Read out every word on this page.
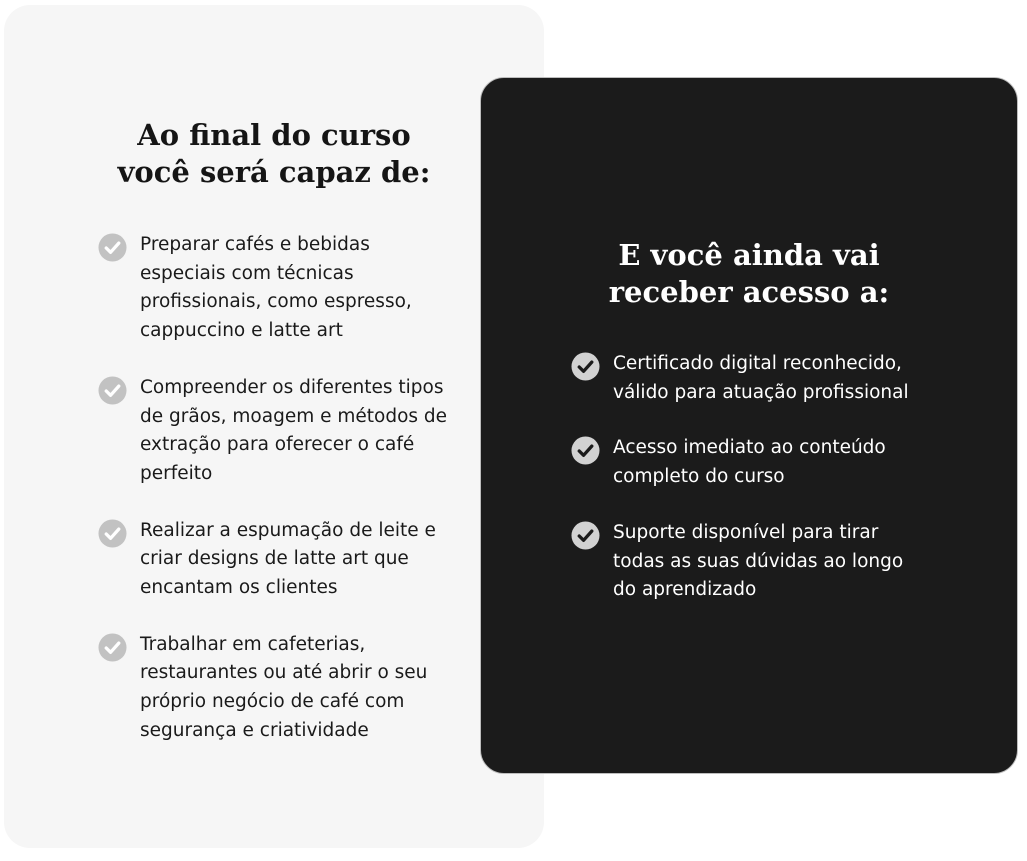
Ao final do curso você será capaz de:
Preparar cafés e bebidas especiais com técnicas profissionais, como espresso, cappuccino e latte art
Compreender os diferentes tipos de grãos, moagem e métodos de extração para oferecer o café perfeito
Realizar a espumação de leite e criar designs de latte art que encantam os clientes
Trabalhar em cafeterias, restaurantes ou até abrir o seu próprio negócio de café com segurança e criatividade
E você ainda vai receber acesso a:
Certificado digital reconhecido, válido para atuação profissional
Acesso imediato ao conteúdo completo do curso
Suporte disponível para tirar todas as suas dúvidas ao longo do aprendizado
